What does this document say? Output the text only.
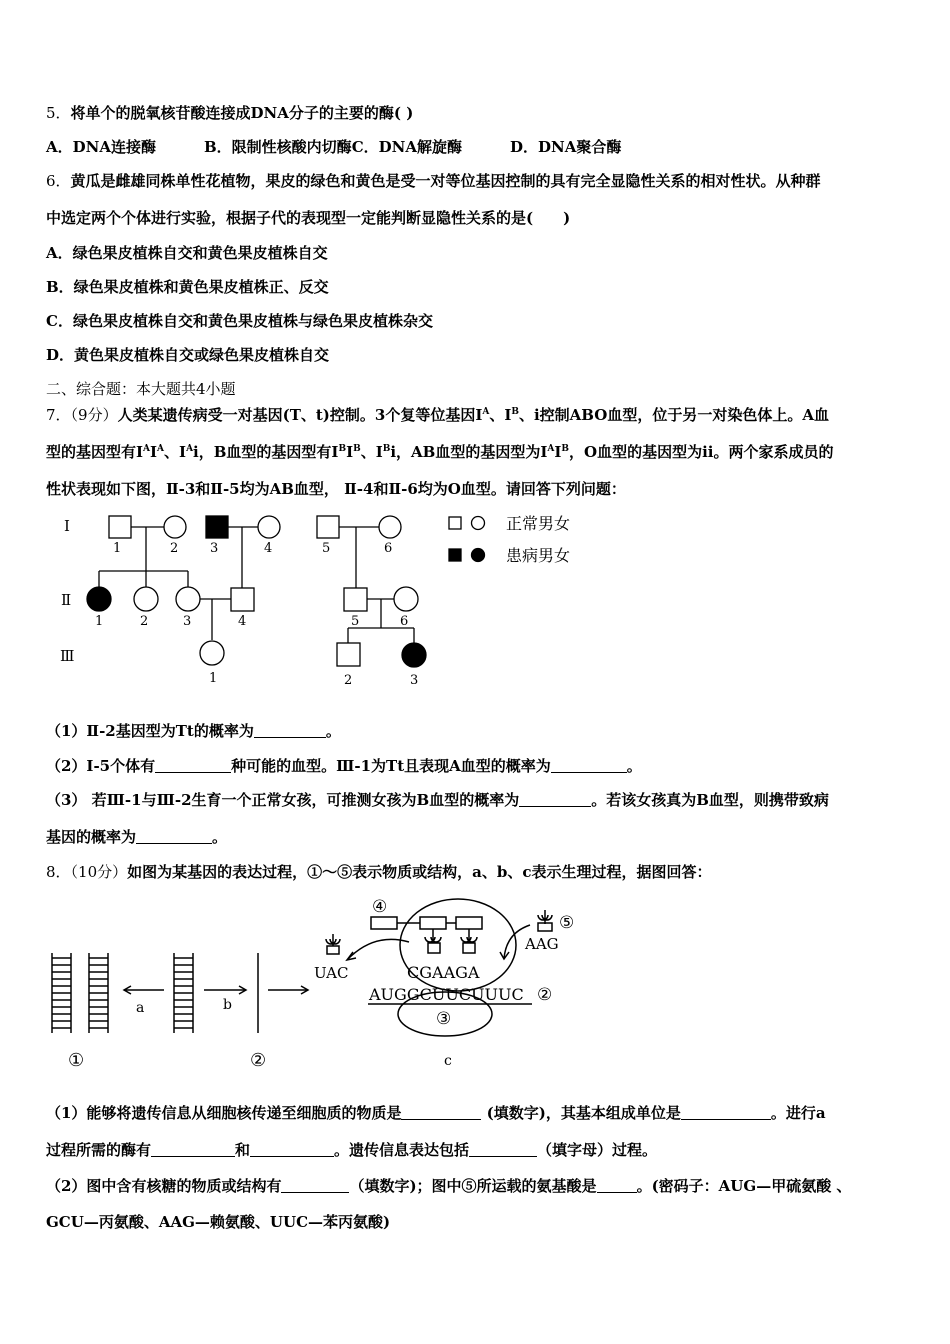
5．将单个的脱氧核苷酸连接成DNA分子的主要的酶( )
A．DNA连接酶	B．限制性核酸内切酶C．DNA解旋酶	D．DNA聚合酶
6．黄瓜是雌雄同株单性花植物，果皮的绿色和黄色是受一对等位基因控制的具有完全显隐性关系的相对性状。从种群
中选定两个个体进行实验，根据子代的表现型一定能判断显隐性关系的是(　　)
A．绿色果皮植株自交和黄色果皮植株自交
B．绿色果皮植株和黄色果皮植株正、反交
C．绿色果皮植株自交和黄色果皮植株与绿色果皮植株杂交
D．黄色果皮植株自交或绿色果皮植株自交
二、综合题：本大题共4小题
7．（9分）人类某遗传病受一对基因(T、t)控制。3个复等位基因$I^A$、$I^B$、i控制ABO血型，位于另一对染色体上。A血
型的基因型有$I^AI^A$、$I^Ai$，B血型的基因型有$I^BI^B$、$I^Bi$，AB血型的基因型为$I^AI^B$，O血型的基因型为ii。两个家系成员的
性状表现如下图，Ⅱ-3和Ⅱ-5均为AB血型， Ⅱ-4和Ⅱ-6均为O血型。请回答下列问题：
Ⅰ
Ⅱ
Ⅲ
1	2 3	4	5	6
1	2	3	4	5	6
1	2	3
正常男女
患病男女
（1）Ⅱ-2基因型为Tt的概率为	。
（2）Ⅰ-5个体有	种可能的血型。Ⅲ-1为Tt且表现A血型的概率为	。
（3） 若Ⅲ-1与Ⅲ-2生育一个正常女孩，可推测女孩为B血型的概率为	。若该女孩真为B血型，则携带致病
基因的概率为	。
8．（10分）如图为某基因的表达过程，①～⑤表示物质或结构，a、b、c表示生理过程，据图回答：
a	b
c
①	②
②
③
④
⑤
UAC
AAG
CGAAGA
AUGGCUUCUUUC
（1）能够将遗传信息从细胞核传递至细胞质的物质是	(填数字)，其基本组成单位是	。进行a
过程所需的酶有	和	。遗传信息表达包括	（填字母）过程。
（2）图中含有核糖的物质或结构有	（填数字)；图中⑤所运载的氨基酸是	。(密码子：AUG—甲硫氨酸 、
GCU—丙氨酸、AAG—赖氨酸、UUC—苯丙氨酸)
